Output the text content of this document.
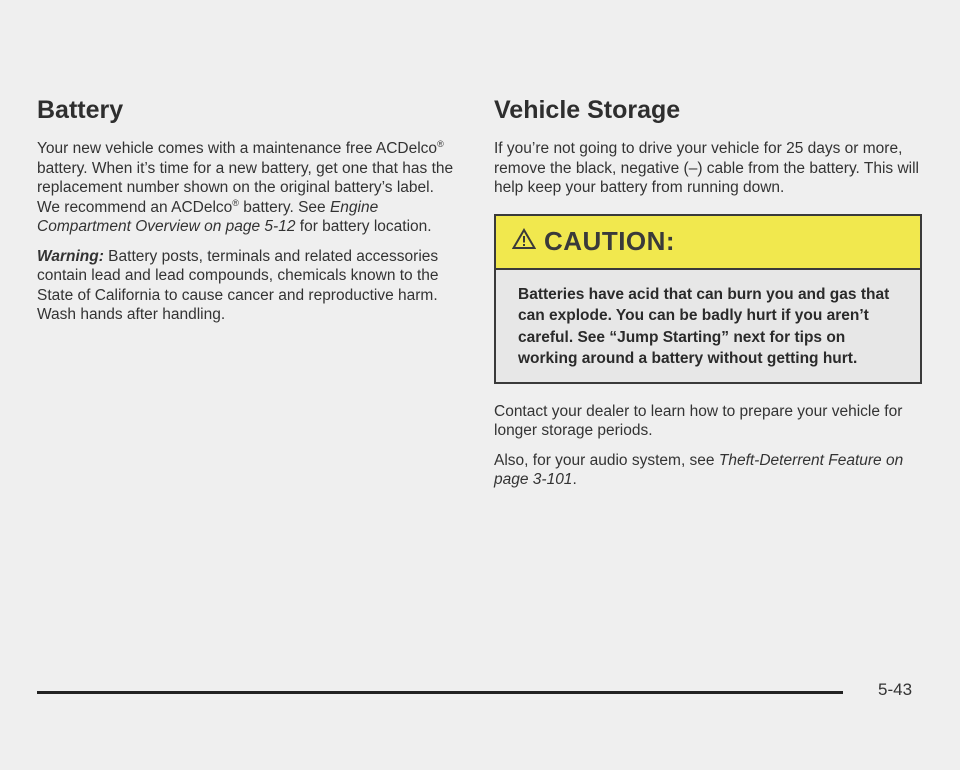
Battery

Your new vehicle comes with a maintenance free ACDelco® battery. When it’s time for a new battery, get one that has the replacement number shown on the original battery’s label. We recommend an ACDelco® battery. See Engine Compartment Overview on page 5-12 for battery location.

Warning: Battery posts, terminals and related accessories contain lead and lead compounds, chemicals known to the State of California to cause cancer and reproductive harm. Wash hands after handling.

Vehicle Storage

If you’re not going to drive your vehicle for 25 days or more, remove the black, negative (–) cable from the battery. This will help keep your battery from running down.

CAUTION:
Batteries have acid that can burn you and gas that can explode. You can be badly hurt if you aren’t careful. See “Jump Starting” next for tips on working around a battery without getting hurt.

Contact your dealer to learn how to prepare your vehicle for longer storage periods.

Also, for your audio system, see Theft-Deterrent Feature on page 3-101.

5-43
